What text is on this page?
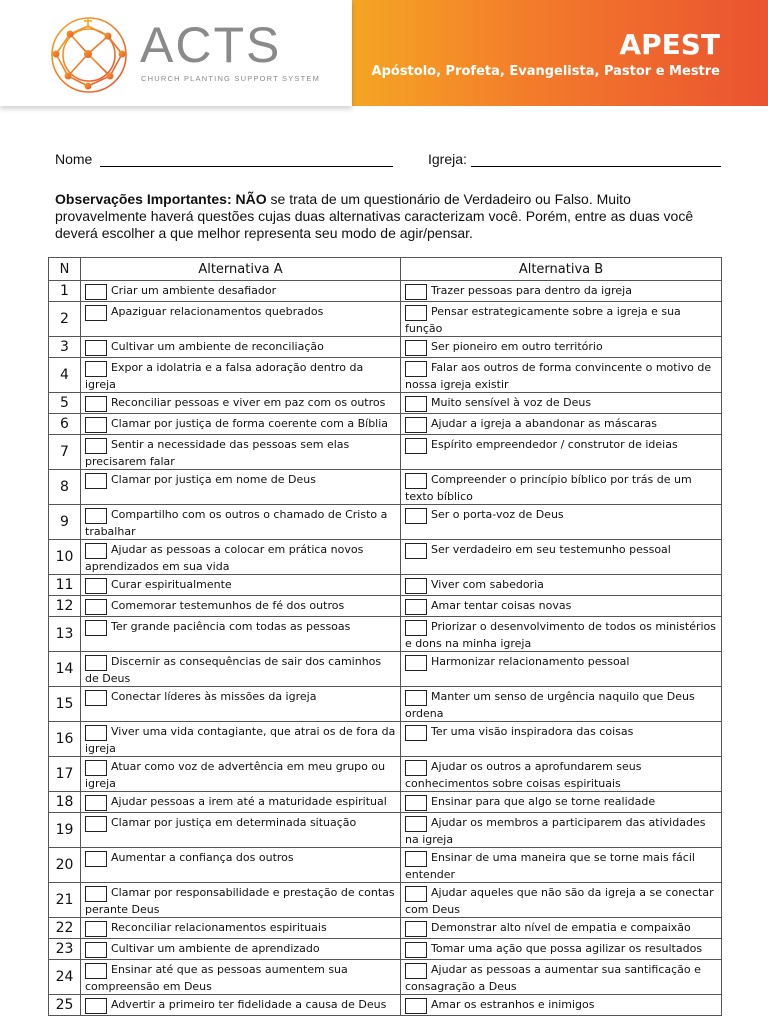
ACTS
CHURCH PLANTING SUPPORT SYSTEM
APEST
Apóstolo, Profeta, Evangelista, Pastor e Mestre
Nome	Igreja:
Observações Importantes: NÃO se trata de um questionário de Verdadeiro ou Falso. Muito provavelmente haverá questões cujas duas alternativas caracterizam você. Porém, entre as duas você deverá escolher a que melhor representa seu modo de agir/pensar.
N	Alternativa A	Alternativa B
1	Criar um ambiente desafiador	Trazer pessoas para dentro da igreja
2	Apaziguar relacionamentos quebrados	Pensar estrategicamente sobre a igreja e sua função
3	Cultivar um ambiente de reconciliação	Ser pioneiro em outro território
4	Expor a idolatria e a falsa adoração dentro da igreja	Falar aos outros de forma convincente o motivo de nossa igreja existir
5	Reconciliar pessoas e viver em paz com os outros	Muito sensível à voz de Deus
6	Clamar por justiça de forma coerente com a Bíblia	Ajudar a igreja a abandonar as máscaras
7	Sentir a necessidade das pessoas sem elas precisarem falar	Espírito empreendedor / construtor de ideias
8	Clamar por justiça em nome de Deus	Compreender o princípio bíblico por trás de um texto bíblico
9	Compartilho com os outros o chamado de Cristo a trabalhar	Ser o porta-voz de Deus
10	Ajudar as pessoas a colocar em prática novos aprendizados em sua vida	Ser verdadeiro em seu testemunho pessoal
11	Curar espiritualmente	Viver com sabedoria
12	Comemorar testemunhos de fé dos outros	Amar tentar coisas novas
13	Ter grande paciência com todas as pessoas	Priorizar o desenvolvimento de todos os ministérios e dons na minha igreja
14	Discernir as consequências de sair dos caminhos de Deus	Harmonizar relacionamento pessoal
15	Conectar líderes às missões da igreja	Manter um senso de urgência naquilo que Deus ordena
16	Viver uma vida contagiante, que atrai os de fora da igreja	Ter uma visão inspiradora das coisas
17	Atuar como voz de advertência em meu grupo ou igreja	Ajudar os outros a aprofundarem seus conhecimentos sobre coisas espirituais
18	Ajudar pessoas a irem até a maturidade espiritual	Ensinar para que algo se torne realidade
19	Clamar por justiça em determinada situação	Ajudar os membros a participarem das atividades na igreja
20	Aumentar a confiança dos outros	Ensinar de uma maneira que se torne mais fácil entender
21	Clamar por responsabilidade e prestação de contas perante Deus	Ajudar aqueles que não são da igreja a se conectar com Deus
22	Reconciliar relacionamentos espirituais	Demonstrar alto nível de empatia e compaixão
23	Cultivar um ambiente de aprendizado	Tomar uma ação que possa agilizar os resultados
24	Ensinar até que as pessoas aumentem sua compreensão em Deus	Ajudar as pessoas a aumentar sua santificação e consagração a Deus
25	Advertir a primeiro ter fidelidade a causa de Deus	Amar os estranhos e inimigos
